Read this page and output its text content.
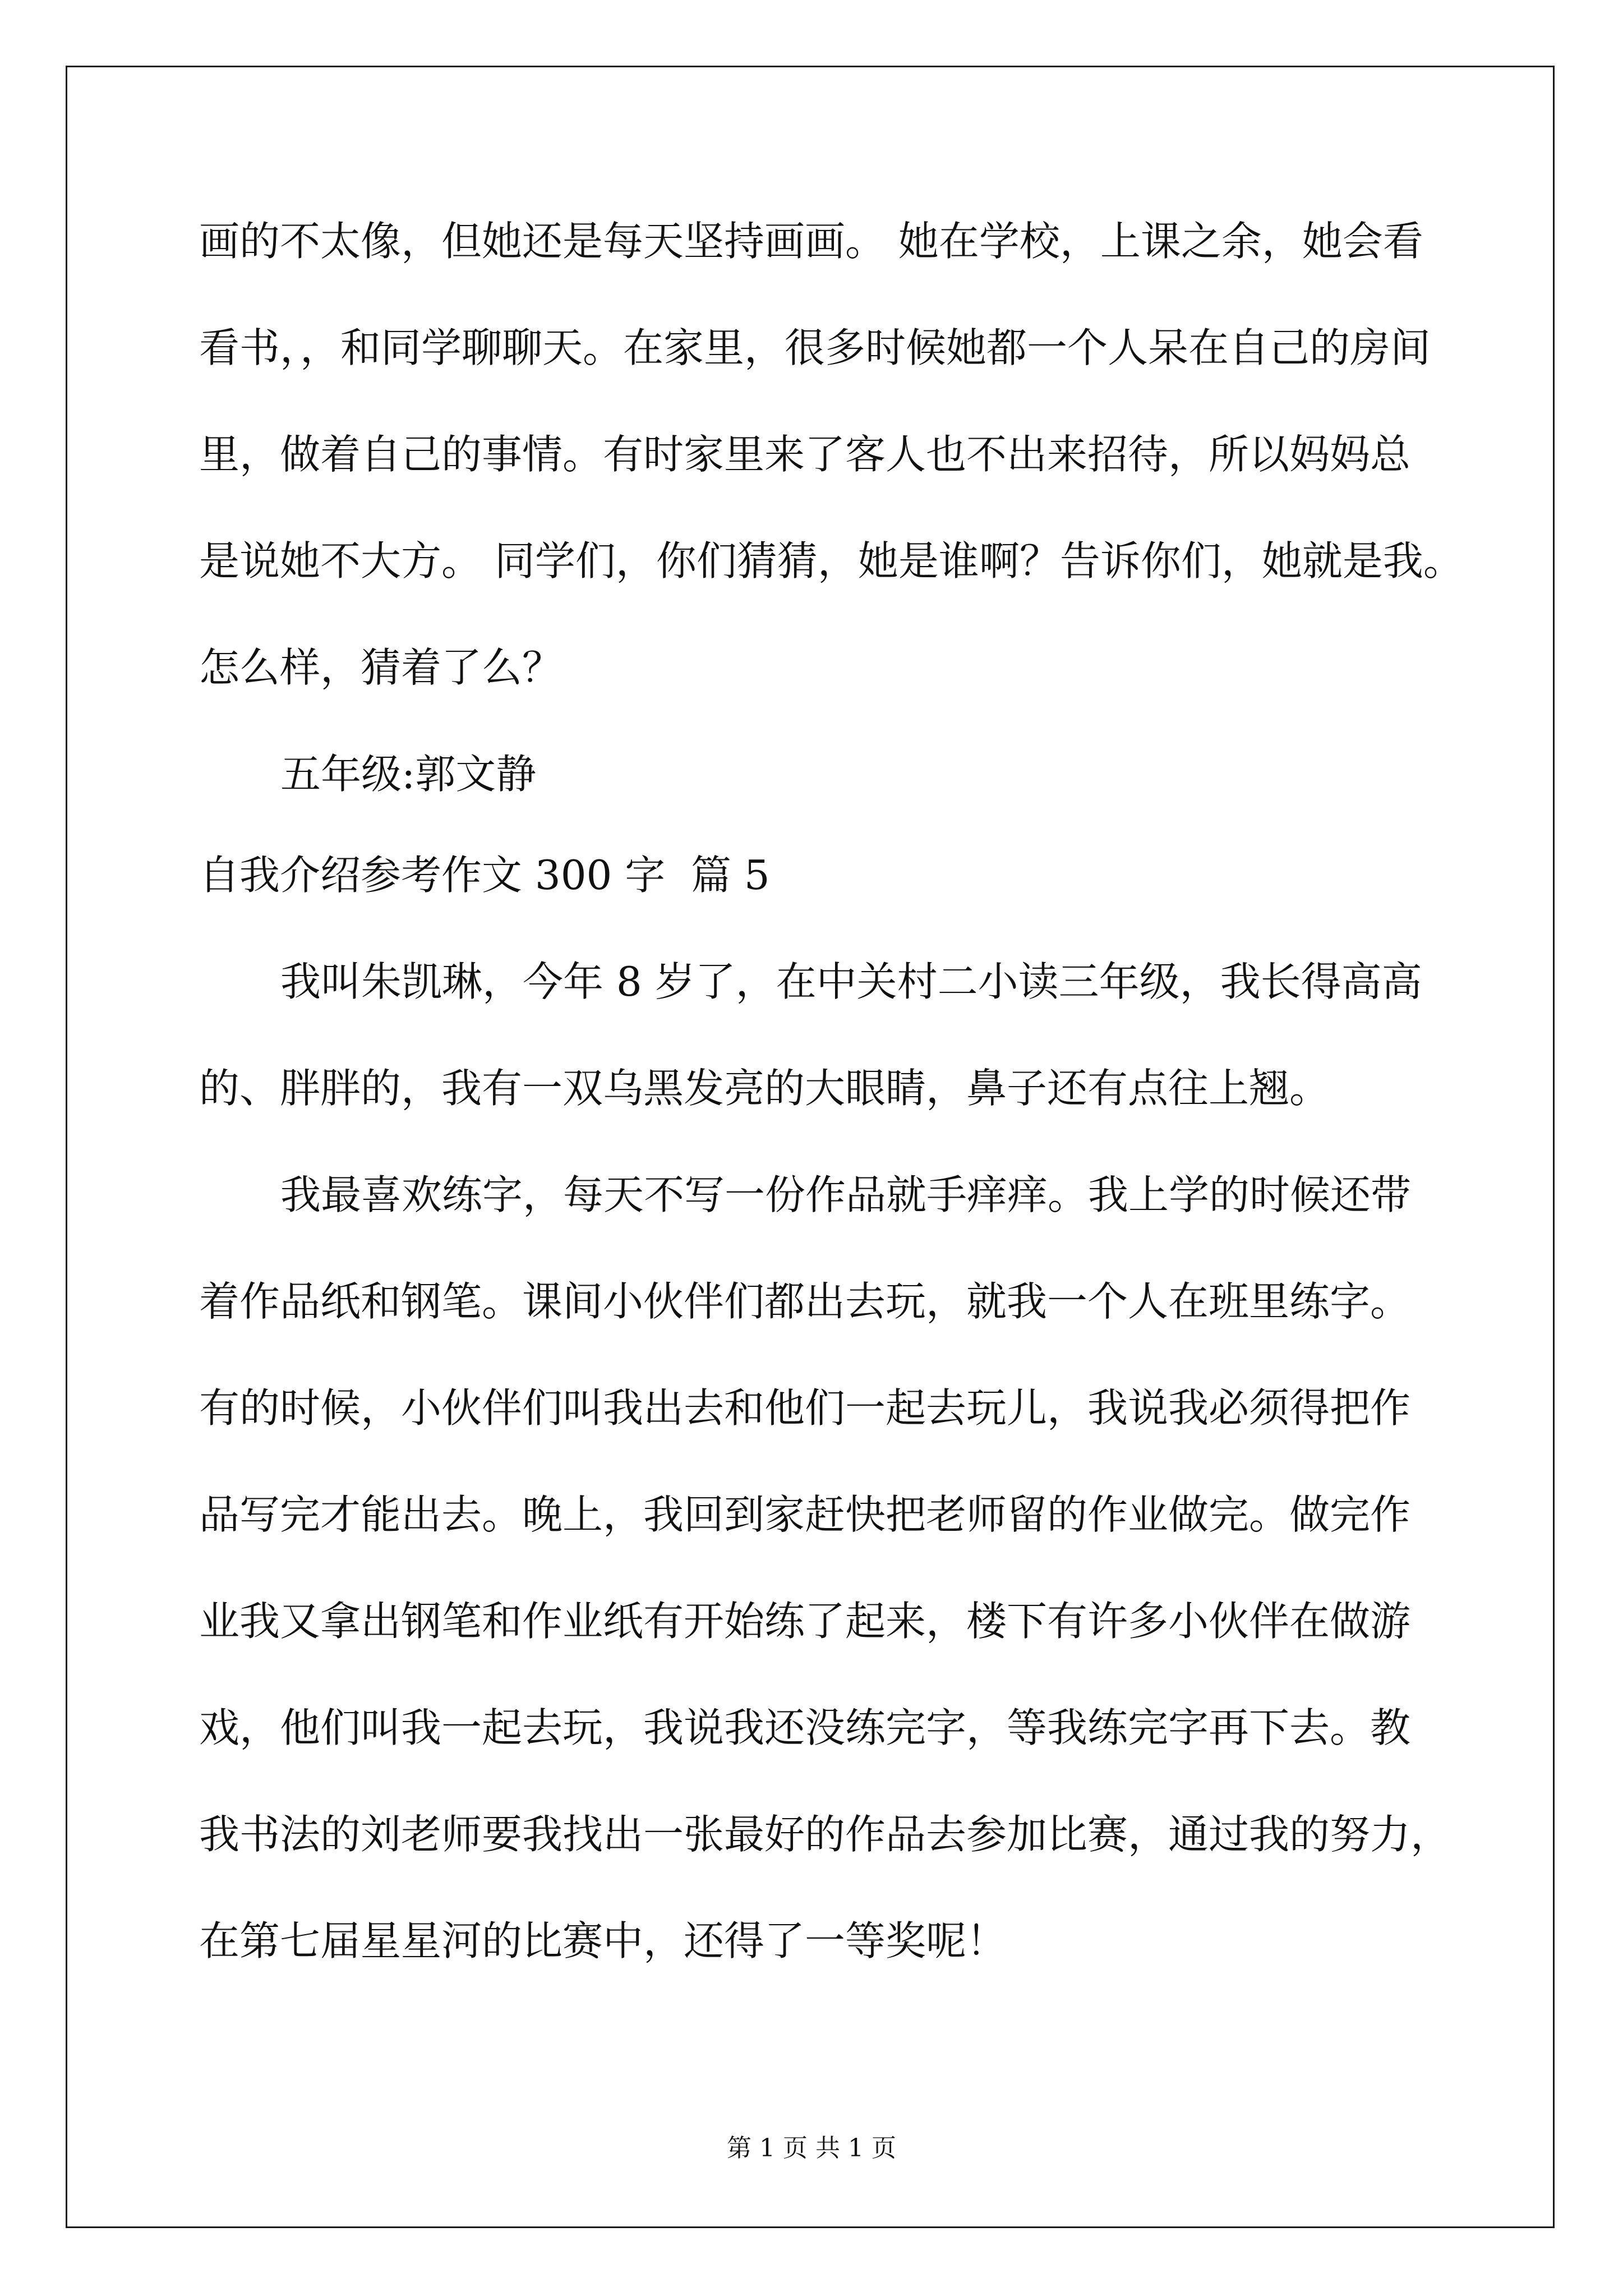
画的不太像，但她还是每天坚持画画。 她在学校，上课之余，她会看
看书，，和同学聊聊天。在家里，很多时候她都一个人呆在自己的房间
里，做着自己的事情。有时家里来了客人也不出来招待，所以妈妈总
是说她不大方。 同学们，你们猜猜，她是谁啊？告诉你们，她就是我。
怎么样，猜着了么？
五年级:郭文静
自我介绍参考作文 300 字  篇 5
我叫朱凯琳，今年 8 岁了，在中关村二小读三年级，我长得高高
的、胖胖的，我有一双乌黑发亮的大眼睛，鼻子还有点往上翘。
我最喜欢练字，每天不写一份作品就手痒痒。我上学的时候还带
着作品纸和钢笔。课间小伙伴们都出去玩，就我一个人在班里练字。
有的时候，小伙伴们叫我出去和他们一起去玩儿，我说我必须得把作
品写完才能出去。晚上，我回到家赶快把老师留的作业做完。做完作
业我又拿出钢笔和作业纸有开始练了起来，楼下有许多小伙伴在做游
戏，他们叫我一起去玩，我说我还没练完字，等我练完字再下去。教
我书法的刘老师要我找出一张最好的作品去参加比赛，通过我的努力，
在第七届星星河的比赛中，还得了一等奖呢！
第 1 页 共 1 页
